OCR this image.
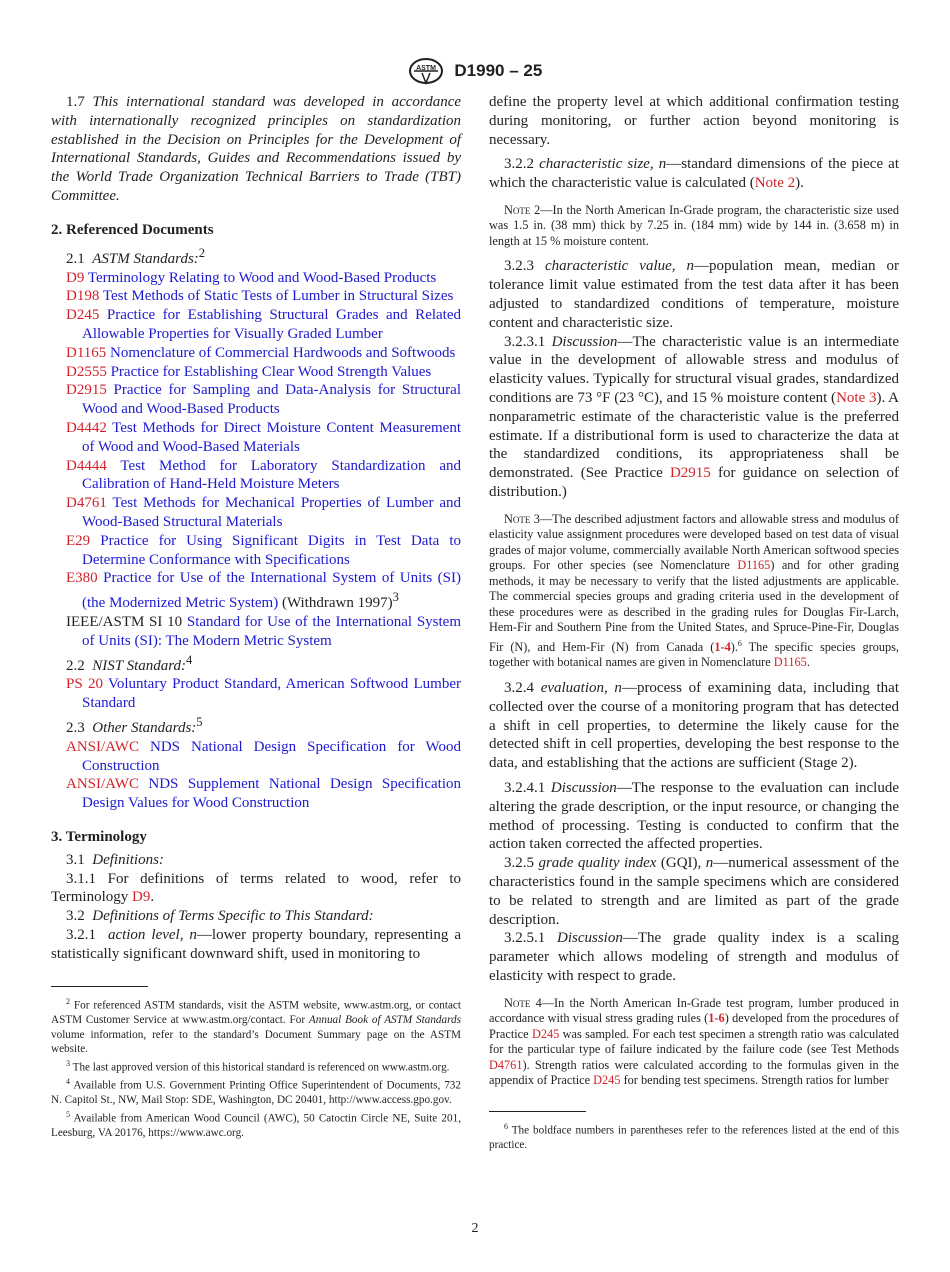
ASTM D1990 – 25

1.7 This international standard was developed in accordance with internationally recognized principles on standardization established in the Decision on Principles for the Development of International Standards, Guides and Recommendations issued by the World Trade Organization Technical Barriers to Trade (TBT) Committee.

2. Referenced Documents

2.1 ASTM Standards:$^2$

D9 Terminology Relating to Wood and Wood-Based Products

D198 Test Methods of Static Tests of Lumber in Structural Sizes

D245 Practice for Establishing Structural Grades and Related Allowable Properties for Visually Graded Lumber

D1165 Nomenclature of Commercial Hardwoods and Softwoods

D2555 Practice for Establishing Clear Wood Strength Values

D2915 Practice for Sampling and Data-Analysis for Structural Wood and Wood-Based Products

D4442 Test Methods for Direct Moisture Content Measurement of Wood and Wood-Based Materials

D4444 Test Method for Laboratory Standardization and Calibration of Hand-Held Moisture Meters

D4761 Test Methods for Mechanical Properties of Lumber and Wood-Based Structural Materials

E29 Practice for Using Significant Digits in Test Data to Determine Conformance with Specifications

E380 Practice for Use of the International System of Units (SI) (the Modernized Metric System) (Withdrawn 1997)$^3$

IEEE/ASTM SI 10 Standard for Use of the International System of Units (SI): The Modern Metric System

2.2 NIST Standard:$^4$

PS 20 Voluntary Product Standard, American Softwood Lumber Standard

2.3 Other Standards:$^5$

ANSI/AWC NDS National Design Specification for Wood Construction

ANSI/AWC NDS Supplement National Design Specification Design Values for Wood Construction

3. Terminology

3.1 Definitions:

3.1.1 For definitions of terms related to wood, refer to Terminology D9.

3.2 Definitions of Terms Specific to This Standard:

3.2.1 action level, n—lower property boundary, representing a statistically significant downward shift, used in monitoring to

$^2$ For referenced ASTM standards, visit the ASTM website, www.astm.org, or contact ASTM Customer Service at www.astm.org/contact. For Annual Book of ASTM Standards volume information, refer to the standard’s Document Summary page on the ASTM website.

$^3$ The last approved version of this historical standard is referenced on www.astm.org.

$^4$ Available from U.S. Government Printing Office Superintendent of Documents, 732 N. Capitol St., NW, Mail Stop: SDE, Washington, DC 20401, http://www.access.gpo.gov.

$^5$ Available from American Wood Council (AWC), 50 Catoctin Circle NE, Suite 201, Leesburg, VA 20176, https://www.awc.org.

define the property level at which additional confirmation testing during monitoring, or further action beyond monitoring is necessary.

3.2.2 characteristic size, n—standard dimensions of the piece at which the characteristic value is calculated (Note 2).

Note 2—In the North American In-Grade program, the characteristic size used was 1.5 in. (38 mm) thick by 7.25 in. (184 mm) wide by 144 in. (3.658 m) in length at 15 % moisture content.

3.2.3 characteristic value, n—population mean, median or tolerance limit value estimated from the test data after it has been adjusted to standardized conditions of temperature, moisture content and characteristic size.

3.2.3.1 Discussion—The characteristic value is an intermediate value in the development of allowable stress and modulus of elasticity values. Typically for structural visual grades, standardized conditions are 73 °F (23 °C), and 15 % moisture content (Note 3). A nonparametric estimate of the characteristic value is the preferred estimate. If a distributional form is used to characterize the data at the standardized conditions, its appropriateness shall be demonstrated. (See Practice D2915 for guidance on selection of distribution.)

Note 3—The described adjustment factors and allowable stress and modulus of elasticity value assignment procedures were developed based on test data of visual grades of major volume, commercially available North American softwood species groups. For other species (see Nomenclature D1165) and for other grading methods, it may be necessary to verify that the listed adjustments are applicable. The commercial species groups and grading criteria used in the development of these procedures were as described in the grading rules for Douglas Fir-Larch, Hem-Fir and Southern Pine from the United States, and Spruce-Pine-Fir, Douglas Fir (N), and Hem-Fir (N) from Canada (1-4).$^6$ The specific species groups, together with botanical names are given in Nomenclature D1165.

3.2.4 evaluation, n—process of examining data, including that collected over the course of a monitoring program that has detected a shift in cell properties, to determine the likely cause for the detected shift in cell properties, developing the best response to the data, and establishing that the actions are sufficient (Stage 2).

3.2.4.1 Discussion—The response to the evaluation can include altering the grade description, or the input resource, or changing the method of processing. Testing is conducted to confirm that the action taken corrected the affected properties.

3.2.5 grade quality index (GQI), n—numerical assessment of the characteristics found in the sample specimens which are considered to be related to strength and are limited as part of the grade description.

3.2.5.1 Discussion—The grade quality index is a scaling parameter which allows modeling of strength and modulus of elasticity with respect to grade.

Note 4—In the North American In-Grade test program, lumber produced in accordance with visual stress grading rules (1-6) developed from the procedures of Practice D245 was sampled. For each test specimen a strength ratio was calculated for the particular type of failure indicated by the failure code (see Test Methods D4761). Strength ratios were calculated according to the formulas given in the appendix of Practice D245 for bending test specimens. Strength ratios for lumber

$^6$ The boldface numbers in parentheses refer to the references listed at the end of this practice.

2
